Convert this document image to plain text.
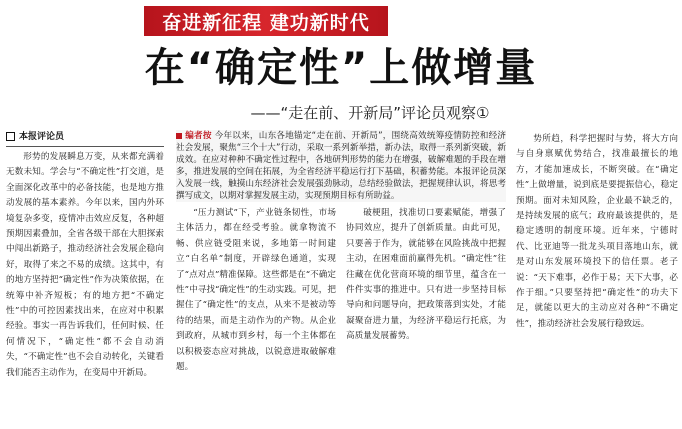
奋进新征程 建功新时代
在“确定性”上做增量
——“走在前、开新局”评论员观察①
本报评论员	编者按 今年以来，山东各地锚定“走在前、开新局”，围绕高效统筹疫情防控和经济社会发展，聚焦“三个十大”行动，采取一系列新举措，新办法，取得一系列新突破，新成效。在应对种种不确定性过程中，各地研判形势的能力在增强，破解难题的手段在增多，推进发展的空间在拓展，为全省经济平稳运行打下基础，积蓄势能。本报评论员深入发展一线，触摸山东经济社会发展强劲脉动，总结经验做法，把握规律认识，将思考撰写成文，以期对掌握发展主动，实现预期目标有所助益。

形势的发展瞬息万变，从来都充满着无数未知。学会与“不确定性”打交道，是全面深化改革中的必备技能，也是地方推动发展的基本素养。今年以来，国内外环境复杂多变，疫情冲击效应反复，各种超预期因素叠加，全省各级干部在大胆探索中闯出新路子，推动经济社会发展企稳向好，取得了来之不易的成绩。这其中，有的地方坚持把“确定性”作为决策依据，在统筹中补齐短板；有的地方把“不确定性”中的可控因素找出来，在应对中积累经验。事实一再告诉我们，任何时候、任何情况下，“确定性”都不会自动消失，“不确定性”也不会自动转化，关键看我们能否主动作为，在变局中开新局。

“压力测试”下，产业链条韧性，市场主体活力，都在经受考验。就拿物流不畅、供应链受阻来说，多地第一时间建立“白名单”制度，开辟绿色通道，实现了“点对点”精准保障。这些都是在“不确定性”中寻找“确定性”的生动实践。可见，把握住了“确定性”的支点，从来不是被动等待的结果，而是主动作为的产物。从企业到政府，从城市到乡村，每一个主体都在以积极姿态应对挑战，以锐意进取破解难题。

破梗阻，找准切口要素赋能，增强了协同效应，提升了创新质量。由此可见，只要善于作为，就能够在风险挑战中把握主动，在困难面前赢得先机。“确定性”往往藏在优化营商环境的细节里，蕴含在一件件实事的推进中。只有进一步坚持目标导向和问题导向，把政策落到实处，才能凝聚奋进力量，为经济平稳运行托底，为高质量发展蓄势。

势所趋，科学把握时与势，将大方向与自身禀赋优势结合，找准最擅长的地方，才能加速成长，不断突破。在“确定性”上做增量，说到底是要提振信心，稳定预期。面对未知风险，企业最不缺乏的，是持续发展的底气；政府最该提供的，是稳定透明的制度环境。近年来，宁德时代、比亚迪等一批龙头项目落地山东，就是对山东发展环境投下的信任票。老子说：“天下难事，必作于易；天下大事，必作于细。”只要坚持把“确定性”的功夫下足，就能以更大的主动应对各种“不确定性”，推动经济社会发展行稳致远。
